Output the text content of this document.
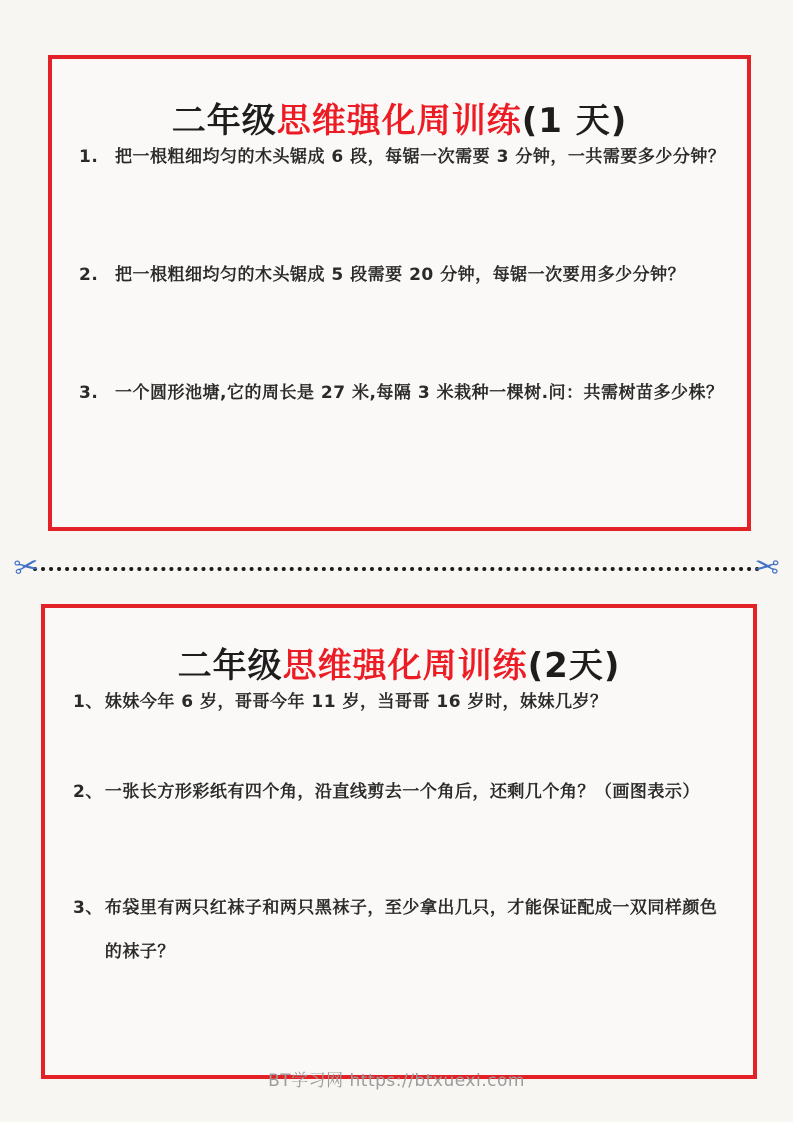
二年级思维强化周训练(1 天)
1. 把一根粗细均匀的木头锯成 6 段，每锯一次需要 3 分钟，一共需要多少分钟？
2. 把一根粗细均匀的木头锯成 5 段需要 20 分钟，每锯一次要用多少分钟？
3. 一个圆形池塘,它的周长是 27 米,每隔 3 米栽种一棵树.问：共需树苗多少株？
✂	✂
二年级思维强化周训练(2天)
1、 妹妹今年 6 岁，哥哥今年 11 岁，当哥哥 16 岁时，妹妹几岁？
2、 一张长方形彩纸有四个角，沿直线剪去一个角后，还剩几个角？（画图表示）
3、 布袋里有两只红袜子和两只黑袜子，至少拿出几只，才能保证配成一双同样颜色的袜子？
BT学习网 https://btxuexi.com
